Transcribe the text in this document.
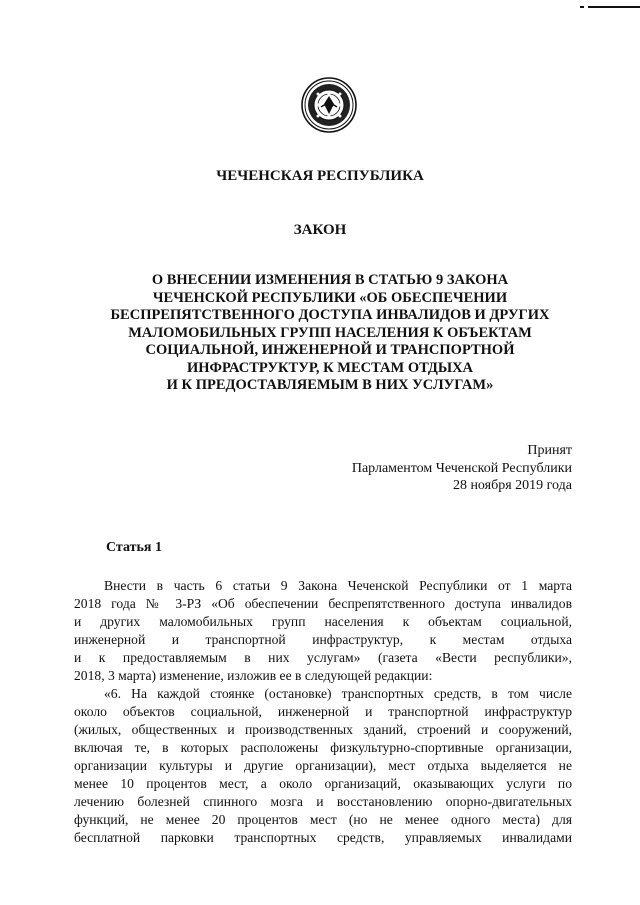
ЧЕЧЕНСКАЯ РЕСПУБЛИКА
ЗАКОН
О ВНЕСЕНИИ ИЗМЕНЕНИЯ В СТАТЬЮ 9 ЗАКОНА
ЧЕЧЕНСКОЙ РЕСПУБЛИКИ «ОБ ОБЕСПЕЧЕНИИ
БЕСПРЕПЯТСТВЕННОГО ДОСТУПА ИНВАЛИДОВ И ДРУГИХ
МАЛОМОБИЛЬНЫХ ГРУПП НАСЕЛЕНИЯ К ОБЪЕКТАМ
СОЦИАЛЬНОЙ, ИНЖЕНЕРНОЙ И ТРАНСПОРТНОЙ
ИНФРАСТРУКТУР, К МЕСТАМ ОТДЫХА
И К ПРЕДОСТАВЛЯЕМЫМ В НИХ УСЛУГАМ»
Принят
Парламентом Чеченской Республики
28 ноября 2019 года
Статья 1

Внести в часть 6 статьи 9 Закона Чеченской Республики от 1 марта
2018 года № 3-РЗ «Об обеспечении беспрепятственного доступа инвалидов
и других маломобильных групп населения к объектам социальной,
инженерной и транспортной инфраструктур, к местам отдыха
и к предоставляемым в них услугам» (газета «Вести республики»,
2018, 3 марта) изменение, изложив ее в следующей редакции:

«6. На каждой стоянке (остановке) транспортных средств, в том числе
около объектов социальной, инженерной и транспортной инфраструктур
(жилых, общественных и производственных зданий, строений и сооружений,
включая те, в которых расположены физкультурно-спортивные организации,
организации культуры и другие организации), мест отдыха выделяется не
менее 10 процентов мест, а около организаций, оказывающих услуги по
лечению болезней спинного мозга и восстановлению опорно-двигательных
функций, не менее 20 процентов мест (но не менее одного места) для
бесплатной парковки транспортных средств, управляемых инвалидами
